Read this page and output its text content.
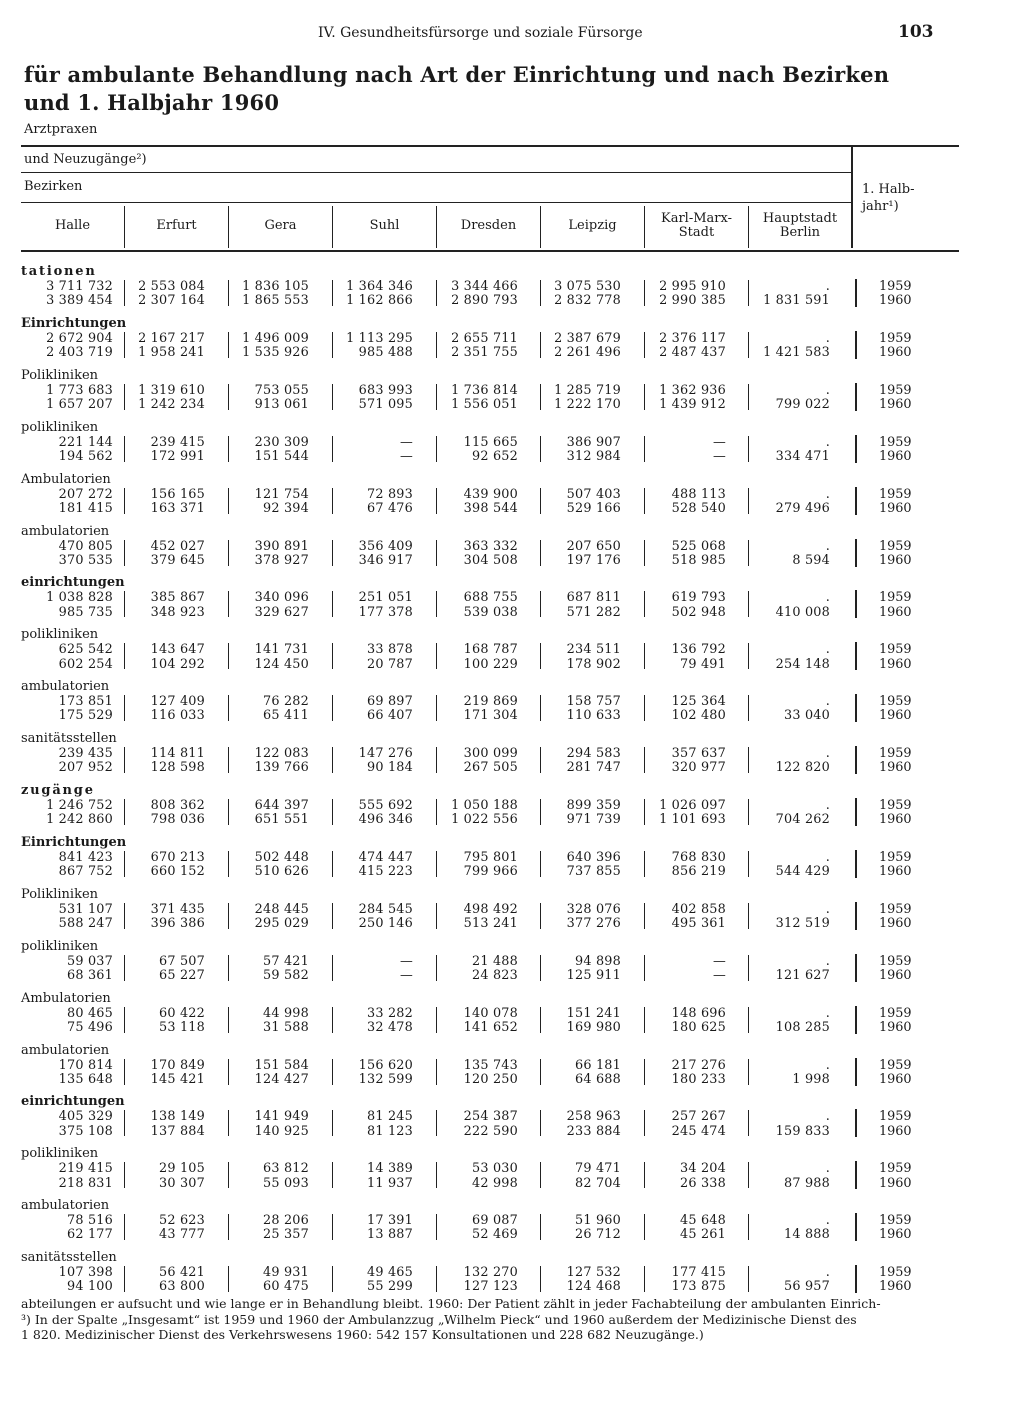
IV. Gesundheitsfürsorge und soziale Fürsorge	103
für ambulante Behandlung nach Art der Einrichtung und nach Bezirken
und 1. Halbjahr 1960
Arztpraxen
und Neuzugänge²)
Bezirken	1. Halb-
jahr¹)
Halle	Erfurt	Gera	Suhl	Dresden	Leipzig	Karl-Marx-
Stadt
Hauptstadt
Berlin
tationen
3 711 732	2 553 084	1 836 105	1 364 346	3 344 466	3 075 530	2 995 910	.	1959
3 389 454	2 307 164	1 865 553	1 162 866	2 890 793	2 832 778	2 990 385	1 831 591	1960
Einrichtungen
2 672 904	2 167 217	1 496 009	1 113 295	2 655 711	2 387 679	2 376 117	.	1959
2 403 719	1 958 241	1 535 926	985 488	2 351 755	2 261 496	2 487 437	1 421 583	1960
Polikliniken
1 773 683	1 319 610	753 055	683 993	1 736 814	1 285 719	1 362 936	.	1959
1 657 207	1 242 234	913 061	571 095	1 556 051	1 222 170	1 439 912	799 022	1960
polikliniken
221 144	239 415	230 309	—	115 665	386 907	—	.	1959
194 562	172 991	151 544	—	92 652	312 984	—	334 471	1960
Ambulatorien
207 272	156 165	121 754	72 893	439 900	507 403	488 113	.	1959
181 415	163 371	92 394	67 476	398 544	529 166	528 540	279 496	1960
ambulatorien
470 805	452 027	390 891	356 409	363 332	207 650	525 068	.	1959
370 535	379 645	378 927	346 917	304 508	197 176	518 985	8 594	1960
einrichtungen
1 038 828	385 867	340 096	251 051	688 755	687 811	619 793	.	1959
985 735	348 923	329 627	177 378	539 038	571 282	502 948	410 008	1960
polikliniken
625 542	143 647	141 731	33 878	168 787	234 511	136 792	.	1959
602 254	104 292	124 450	20 787	100 229	178 902	79 491	254 148	1960
ambulatorien
173 851	127 409	76 282	69 897	219 869	158 757	125 364	.	1959
175 529	116 033	65 411	66 407	171 304	110 633	102 480	33 040	1960
sanitätsstellen
239 435	114 811	122 083	147 276	300 099	294 583	357 637	.	1959
207 952	128 598	139 766	90 184	267 505	281 747	320 977	122 820	1960
zugänge
1 246 752	808 362	644 397	555 692	1 050 188	899 359	1 026 097	.	1959
1 242 860	798 036	651 551	496 346	1 022 556	971 739	1 101 693	704 262	1960
Einrichtungen
841 423	670 213	502 448	474 447	795 801	640 396	768 830	.	1959
867 752	660 152	510 626	415 223	799 966	737 855	856 219	544 429	1960
Polikliniken
531 107	371 435	248 445	284 545	498 492	328 076	402 858	.	1959
588 247	396 386	295 029	250 146	513 241	377 276	495 361	312 519	1960
polikliniken
59 037	67 507	57 421	—	21 488	94 898	—	.	1959
68 361	65 227	59 582	—	24 823	125 911	—	121 627	1960
Ambulatorien
80 465	60 422	44 998	33 282	140 078	151 241	148 696	.	1959
75 496	53 118	31 588	32 478	141 652	169 980	180 625	108 285	1960
ambulatorien
170 814	170 849	151 584	156 620	135 743	66 181	217 276	.	1959
135 648	145 421	124 427	132 599	120 250	64 688	180 233	1 998	1960
einrichtungen
405 329	138 149	141 949	81 245	254 387	258 963	257 267	.	1959
375 108	137 884	140 925	81 123	222 590	233 884	245 474	159 833	1960
polikliniken
219 415	29 105	63 812	14 389	53 030	79 471	34 204	.	1959
218 831	30 307	55 093	11 937	42 998	82 704	26 338	87 988	1960
ambulatorien
78 516	52 623	28 206	17 391	69 087	51 960	45 648	.	1959
62 177	43 777	25 357	13 887	52 469	26 712	45 261	14 888	1960
sanitätsstellen
107 398	56 421	49 931	49 465	132 270	127 532	177 415	.	1959
94 100	63 800	60 475	55 299	127 123	124 468	173 875	56 957	1960
abteilungen er aufsucht und wie lange er in Behandlung bleibt. 1960: Der Patient zählt in jeder Fachabteilung der ambulanten Einrich-
³) In der Spalte „Insgesamt“ ist 1959 und 1960 der Ambulanzzug „Wilhelm Pieck“ und 1960 außerdem der Medizinische Dienst des
1 820. Medizinischer Dienst des Verkehrswesens 1960: 542 157 Konsultationen und 228 682 Neuzugänge.)
